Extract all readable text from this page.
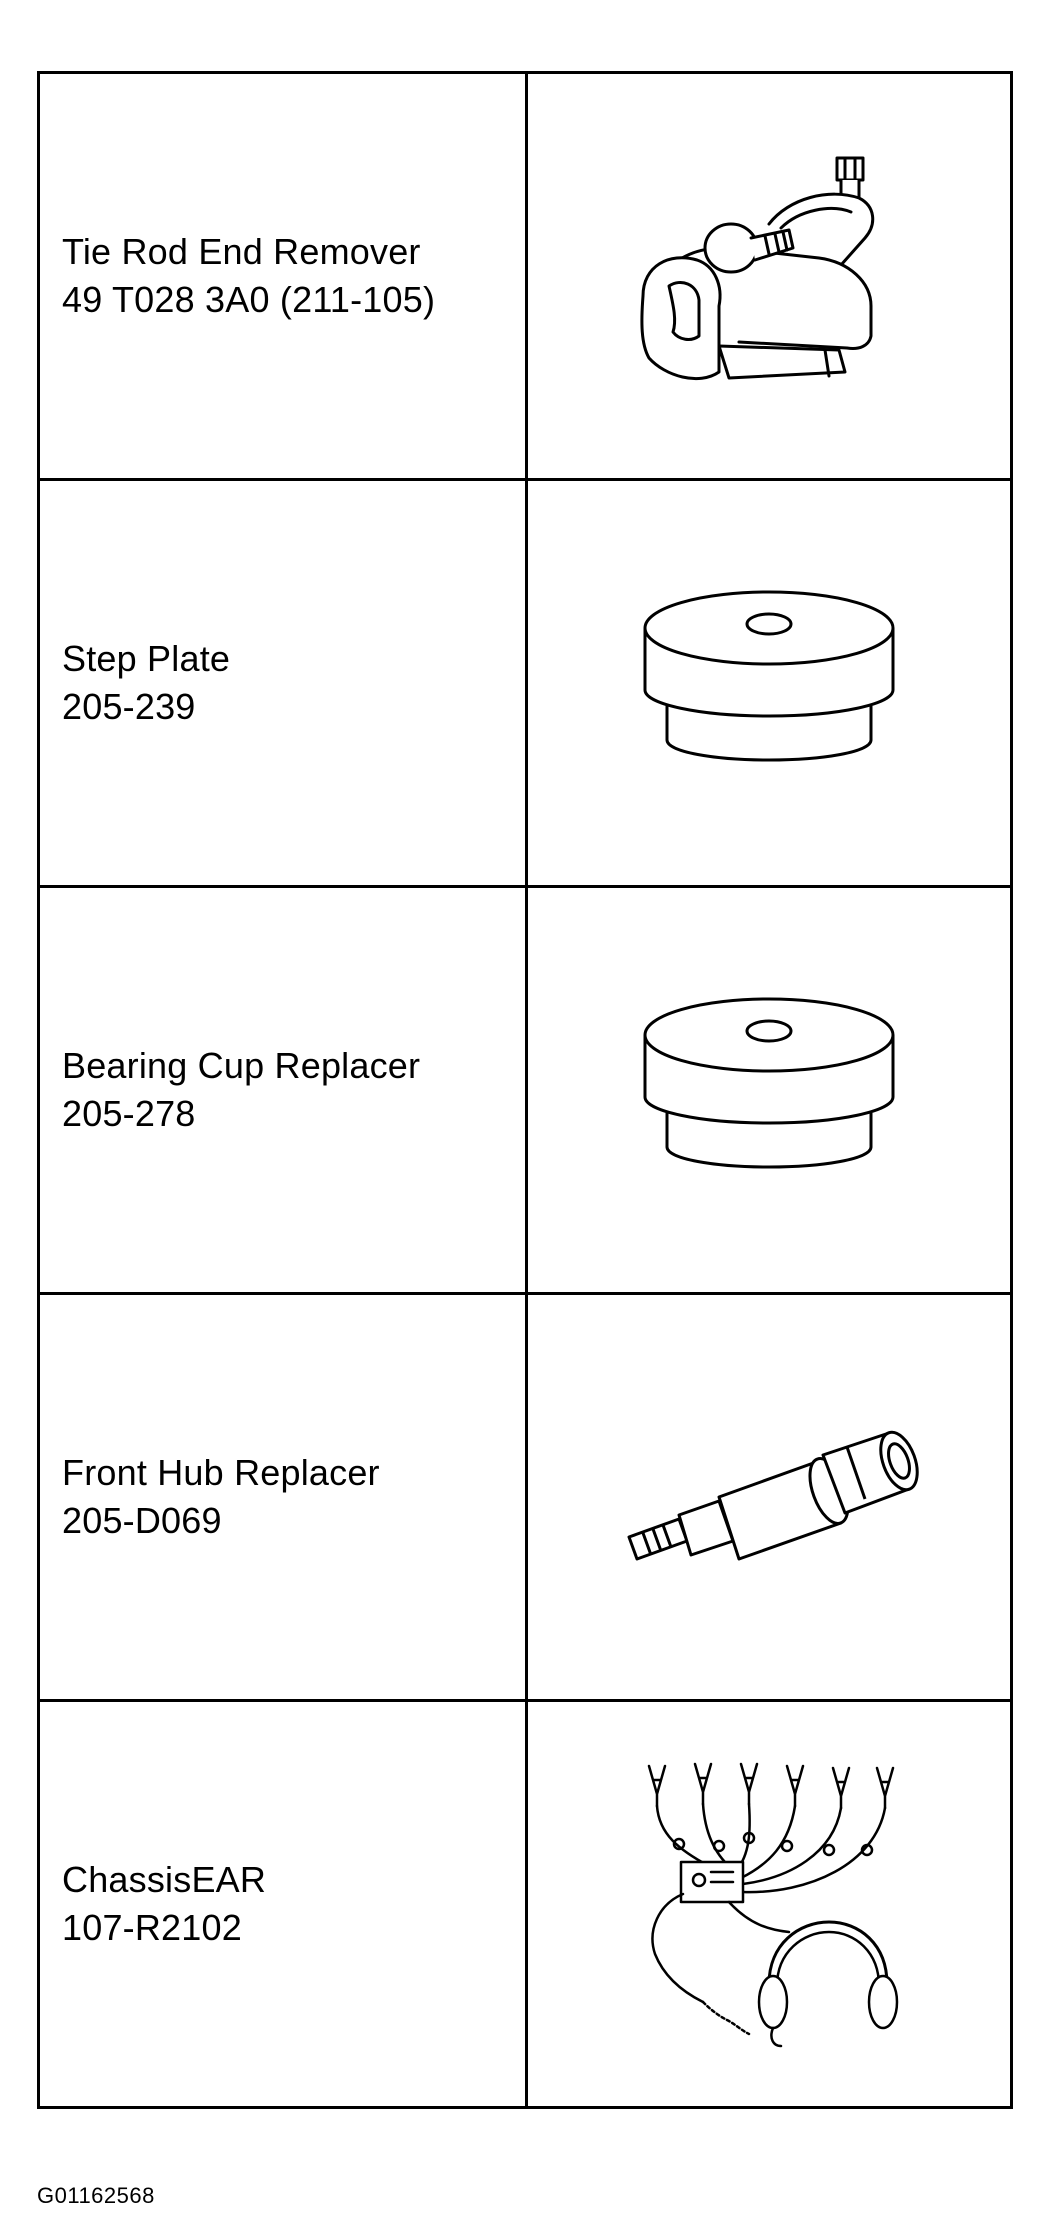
Tie Rod End Remover
49 T028 3A0 (211-105)

Step Plate
205-239

Bearing Cup Replacer
205-278

Front Hub Replacer
205-D069

ChassisEAR
107-R2102

G01162568
